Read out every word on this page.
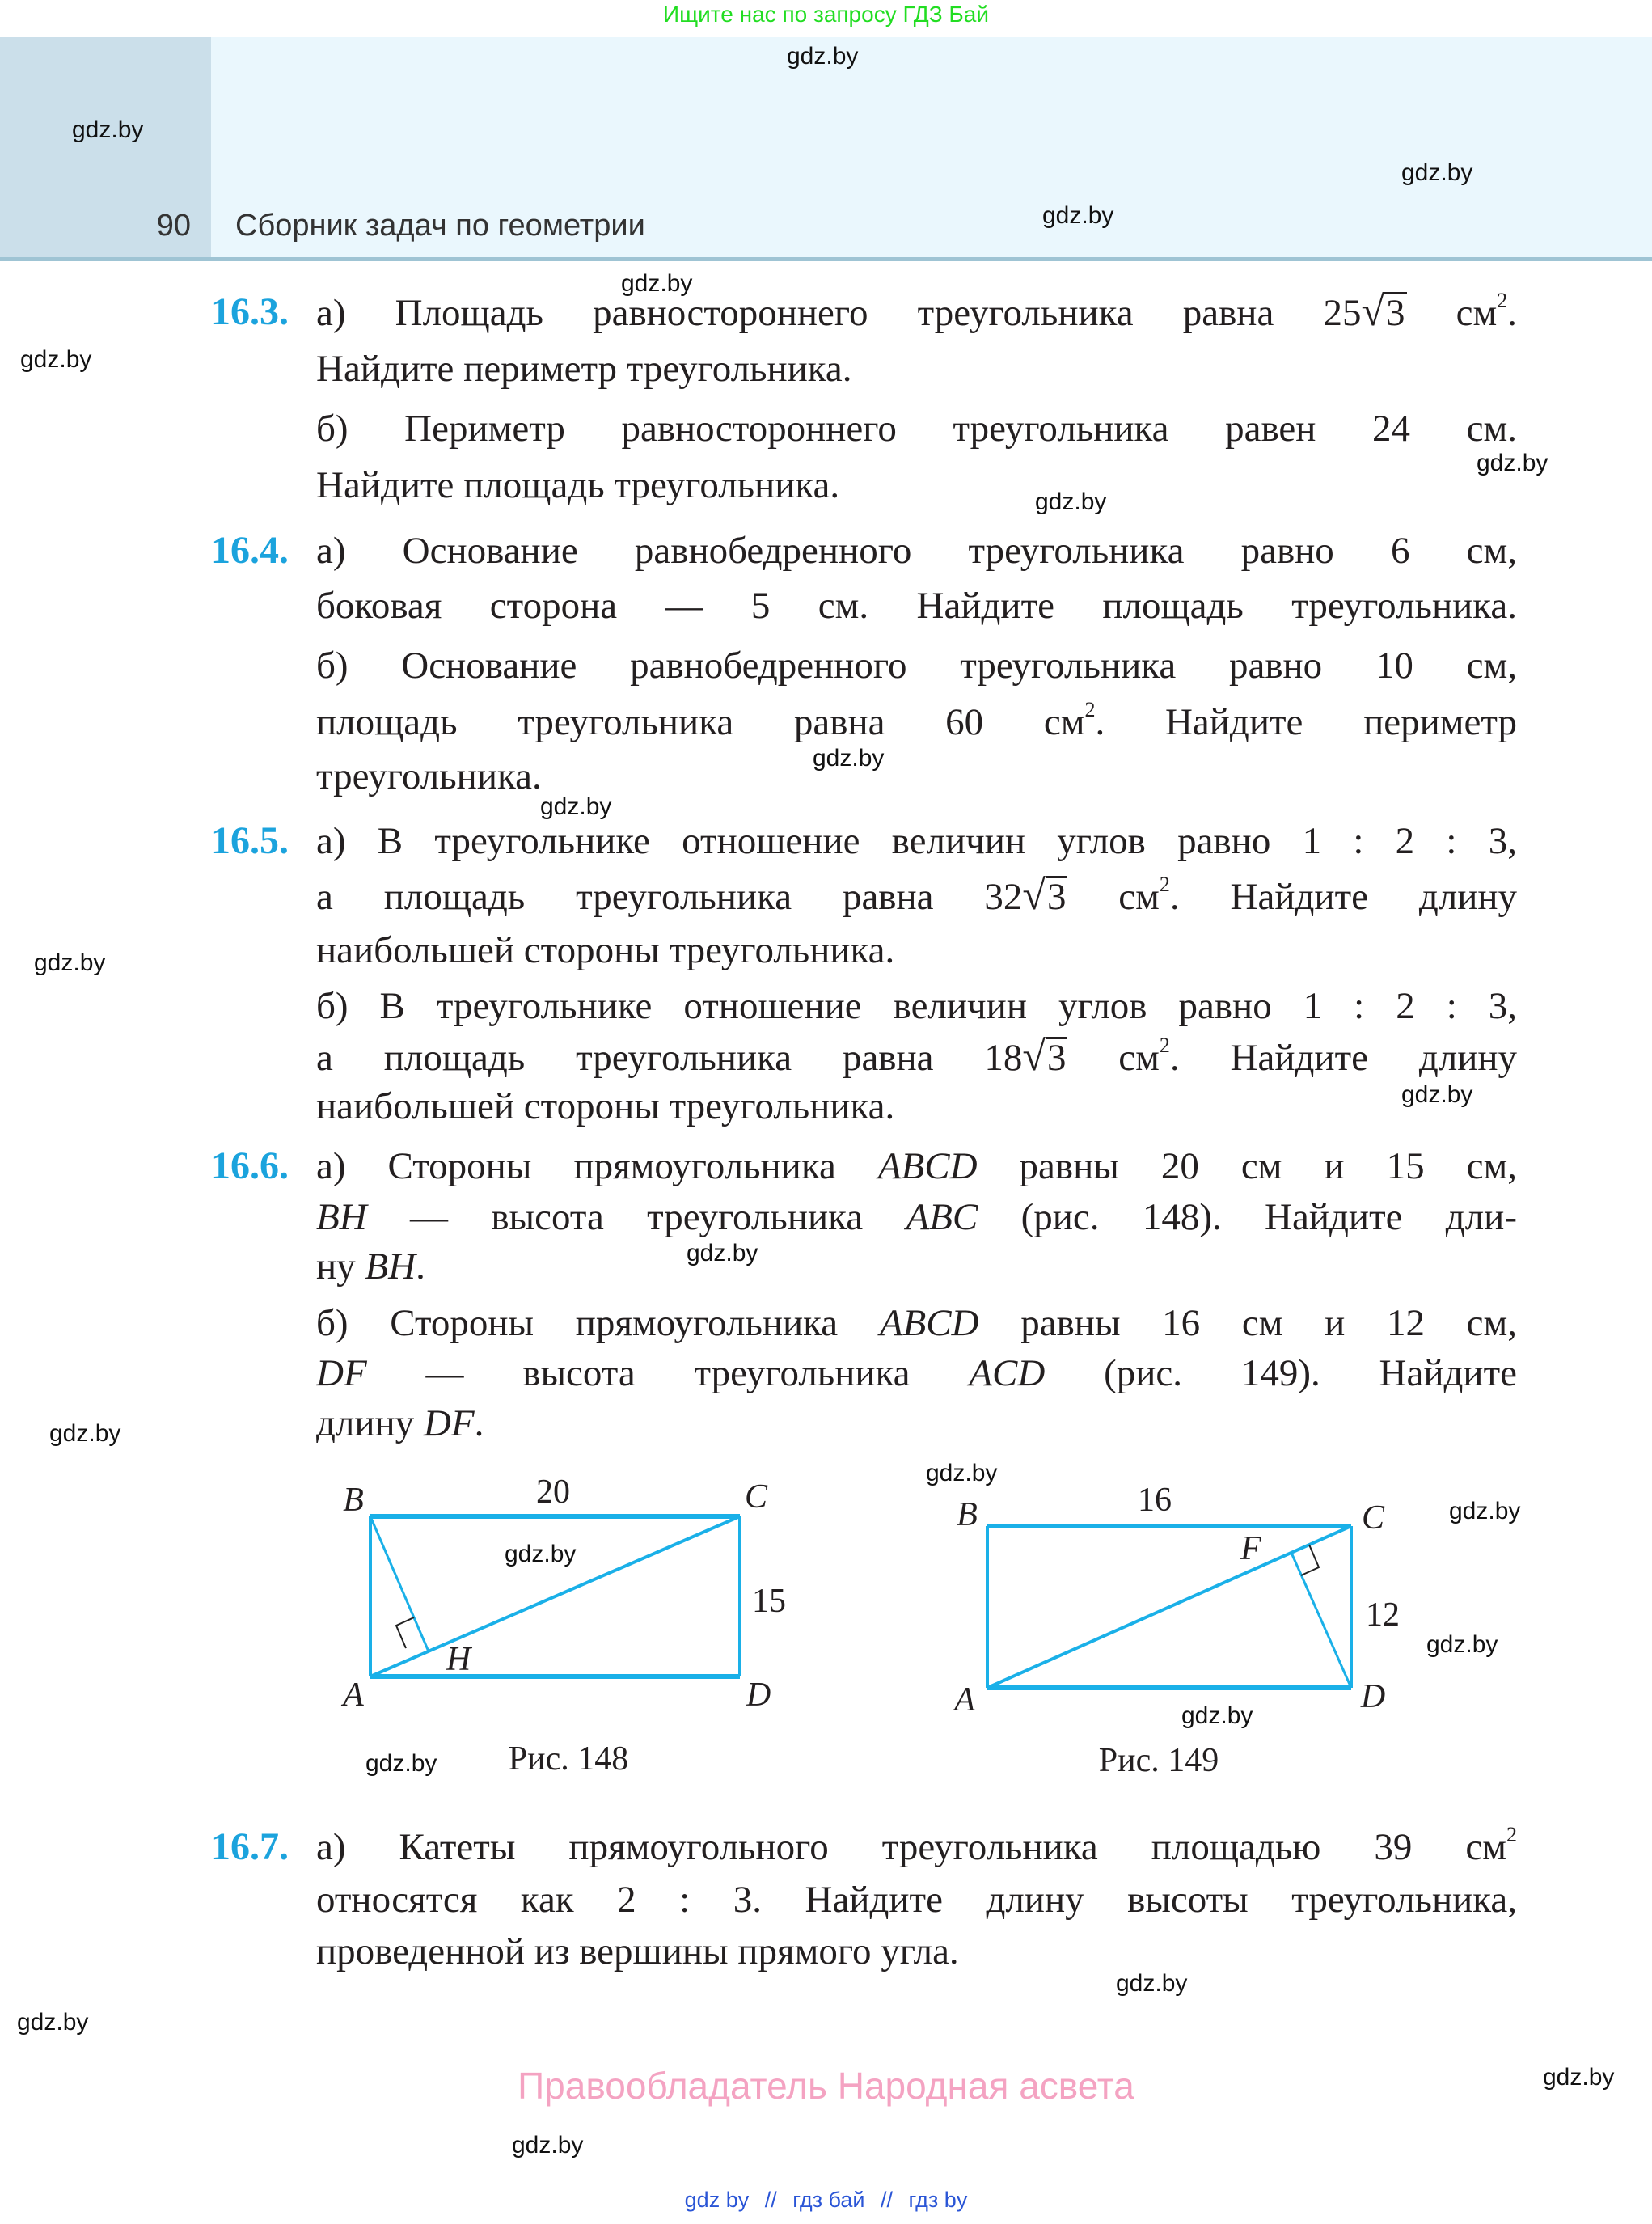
Ищите нас по запросу ГДЗ Бай
90 Сборник задач по геометрии
16.3. а) Площадь равностороннего треугольника равна 25√3 $см^2$.
Найдите периметр треугольника.
б) Периметр равностороннего треугольника равен 24 см.
Найдите площадь треугольника.
16.4. а) Основание равнобедренного треугольника равно 6 см,
боковая сторона — 5 см. Найдите площадь треугольника.
б) Основание равнобедренного треугольника равно 10 см,
площадь треугольника равна 60 $см^2$. Найдите периметр
треугольника.
16.5. а) В треугольнике отношение величин углов равно 1 : 2 : 3,
а площадь треугольника равна 32√3 $см^2$. Найдите длину
наибольшей стороны треугольника.
б) В треугольнике отношение величин углов равно 1 : 2 : 3,
а площадь треугольника равна 18√3 $см^2$. Найдите длину
наибольшей стороны треугольника.
16.6. а) Стороны прямоугольника ABCD равны 20 см и 15 см,
BH — высота треугольника ABC (рис. 148). Найдите дли-
ну BH.
б) Стороны прямоугольника ABCD равны 16 см и 12 см,
DF — высота треугольника ACD (рис. 149). Найдите
длину DF.
16.7. а) Катеты прямоугольного треугольника площадью 39 $см^2$
относятся как 2 : 3. Найдите длину высоты треугольника,
проведенной из вершины прямого угла.
gdz.by
gdz.by
gdz.by
gdz.by
gdz.by
gdz.by
gdz.by
gdz.by
gdz.by
gdz.by
gdz.by
gdz.by
gdz.by
gdz.by
gdz.by
gdz.by
gdz.by
gdz.by
gdz.by
gdz.by
gdz.by
gdz.by
gdz.by
gdz.by
B	20	C
15
H
A	D
Рис. 148
B	16	C
F
12
A	D
Рис. 149
Правообладатель Народная асвета
gdz by // гдз бай // гдз by
